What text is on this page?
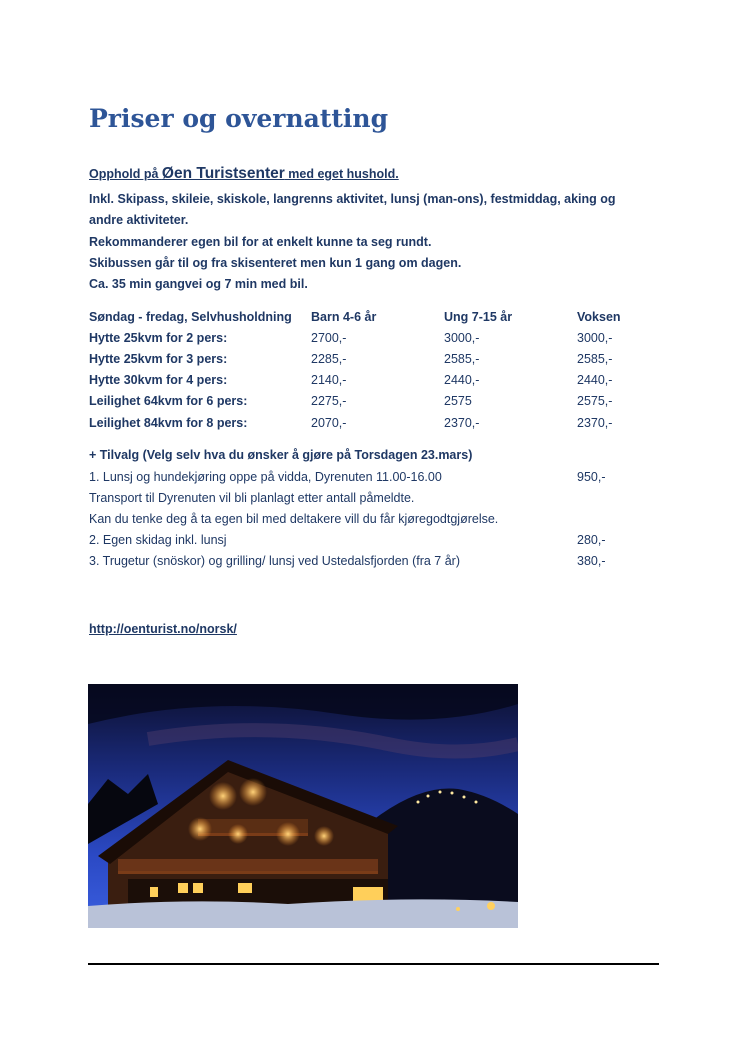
Priser og overnatting
Opphold på Øen Turistsenter med eget hushold.
Inkl. Skipass, skileie, skiskole, langrenns aktivitet, lunsj (man-ons), festmiddag, aking og
andre aktiviteter.
Rekommanderer egen bil for at enkelt kunne ta seg rundt.
Skibussen går til og fra skisenteret men kun 1 gang om dagen.
Ca. 35 min gangvei og 7 min med bil.
Søndag - fredag, Selvhusholdning	Barn 4-6 år	Ung 7-15 år	Voksen
Hytte 25kvm for 2 pers:	2700,-	3000,-	3000,-
Hytte 25kvm for 3 pers:	2285,-	2585,-	2585,-
Hytte 30kvm for 4 pers:	2140,-	2440,-	2440,-
Leilighet 64kvm for 6 pers:	2275,-	2575	2575,-
Leilighet 84kvm for 8 pers:	2070,-	2370,-	2370,-
+ Tilvalg (Velg selv hva du ønsker å gjøre på Torsdagen 23.mars)
1. Lunsj og hundekjøring oppe på vidda, Dyrenuten 11.00-16.00	950,-
Transport til Dyrenuten vil bli planlagt etter antall påmeldte.
Kan du tenke deg å ta egen bil med deltakere vill du får kjøregodtgjørelse.
2. Egen skidag inkl. lunsj	280,-
3. Trugetur (snöskor) og grilling/ lunsj ved Ustedalsfjorden (fra 7 år)	380,-
http://oenturist.no/norsk/
